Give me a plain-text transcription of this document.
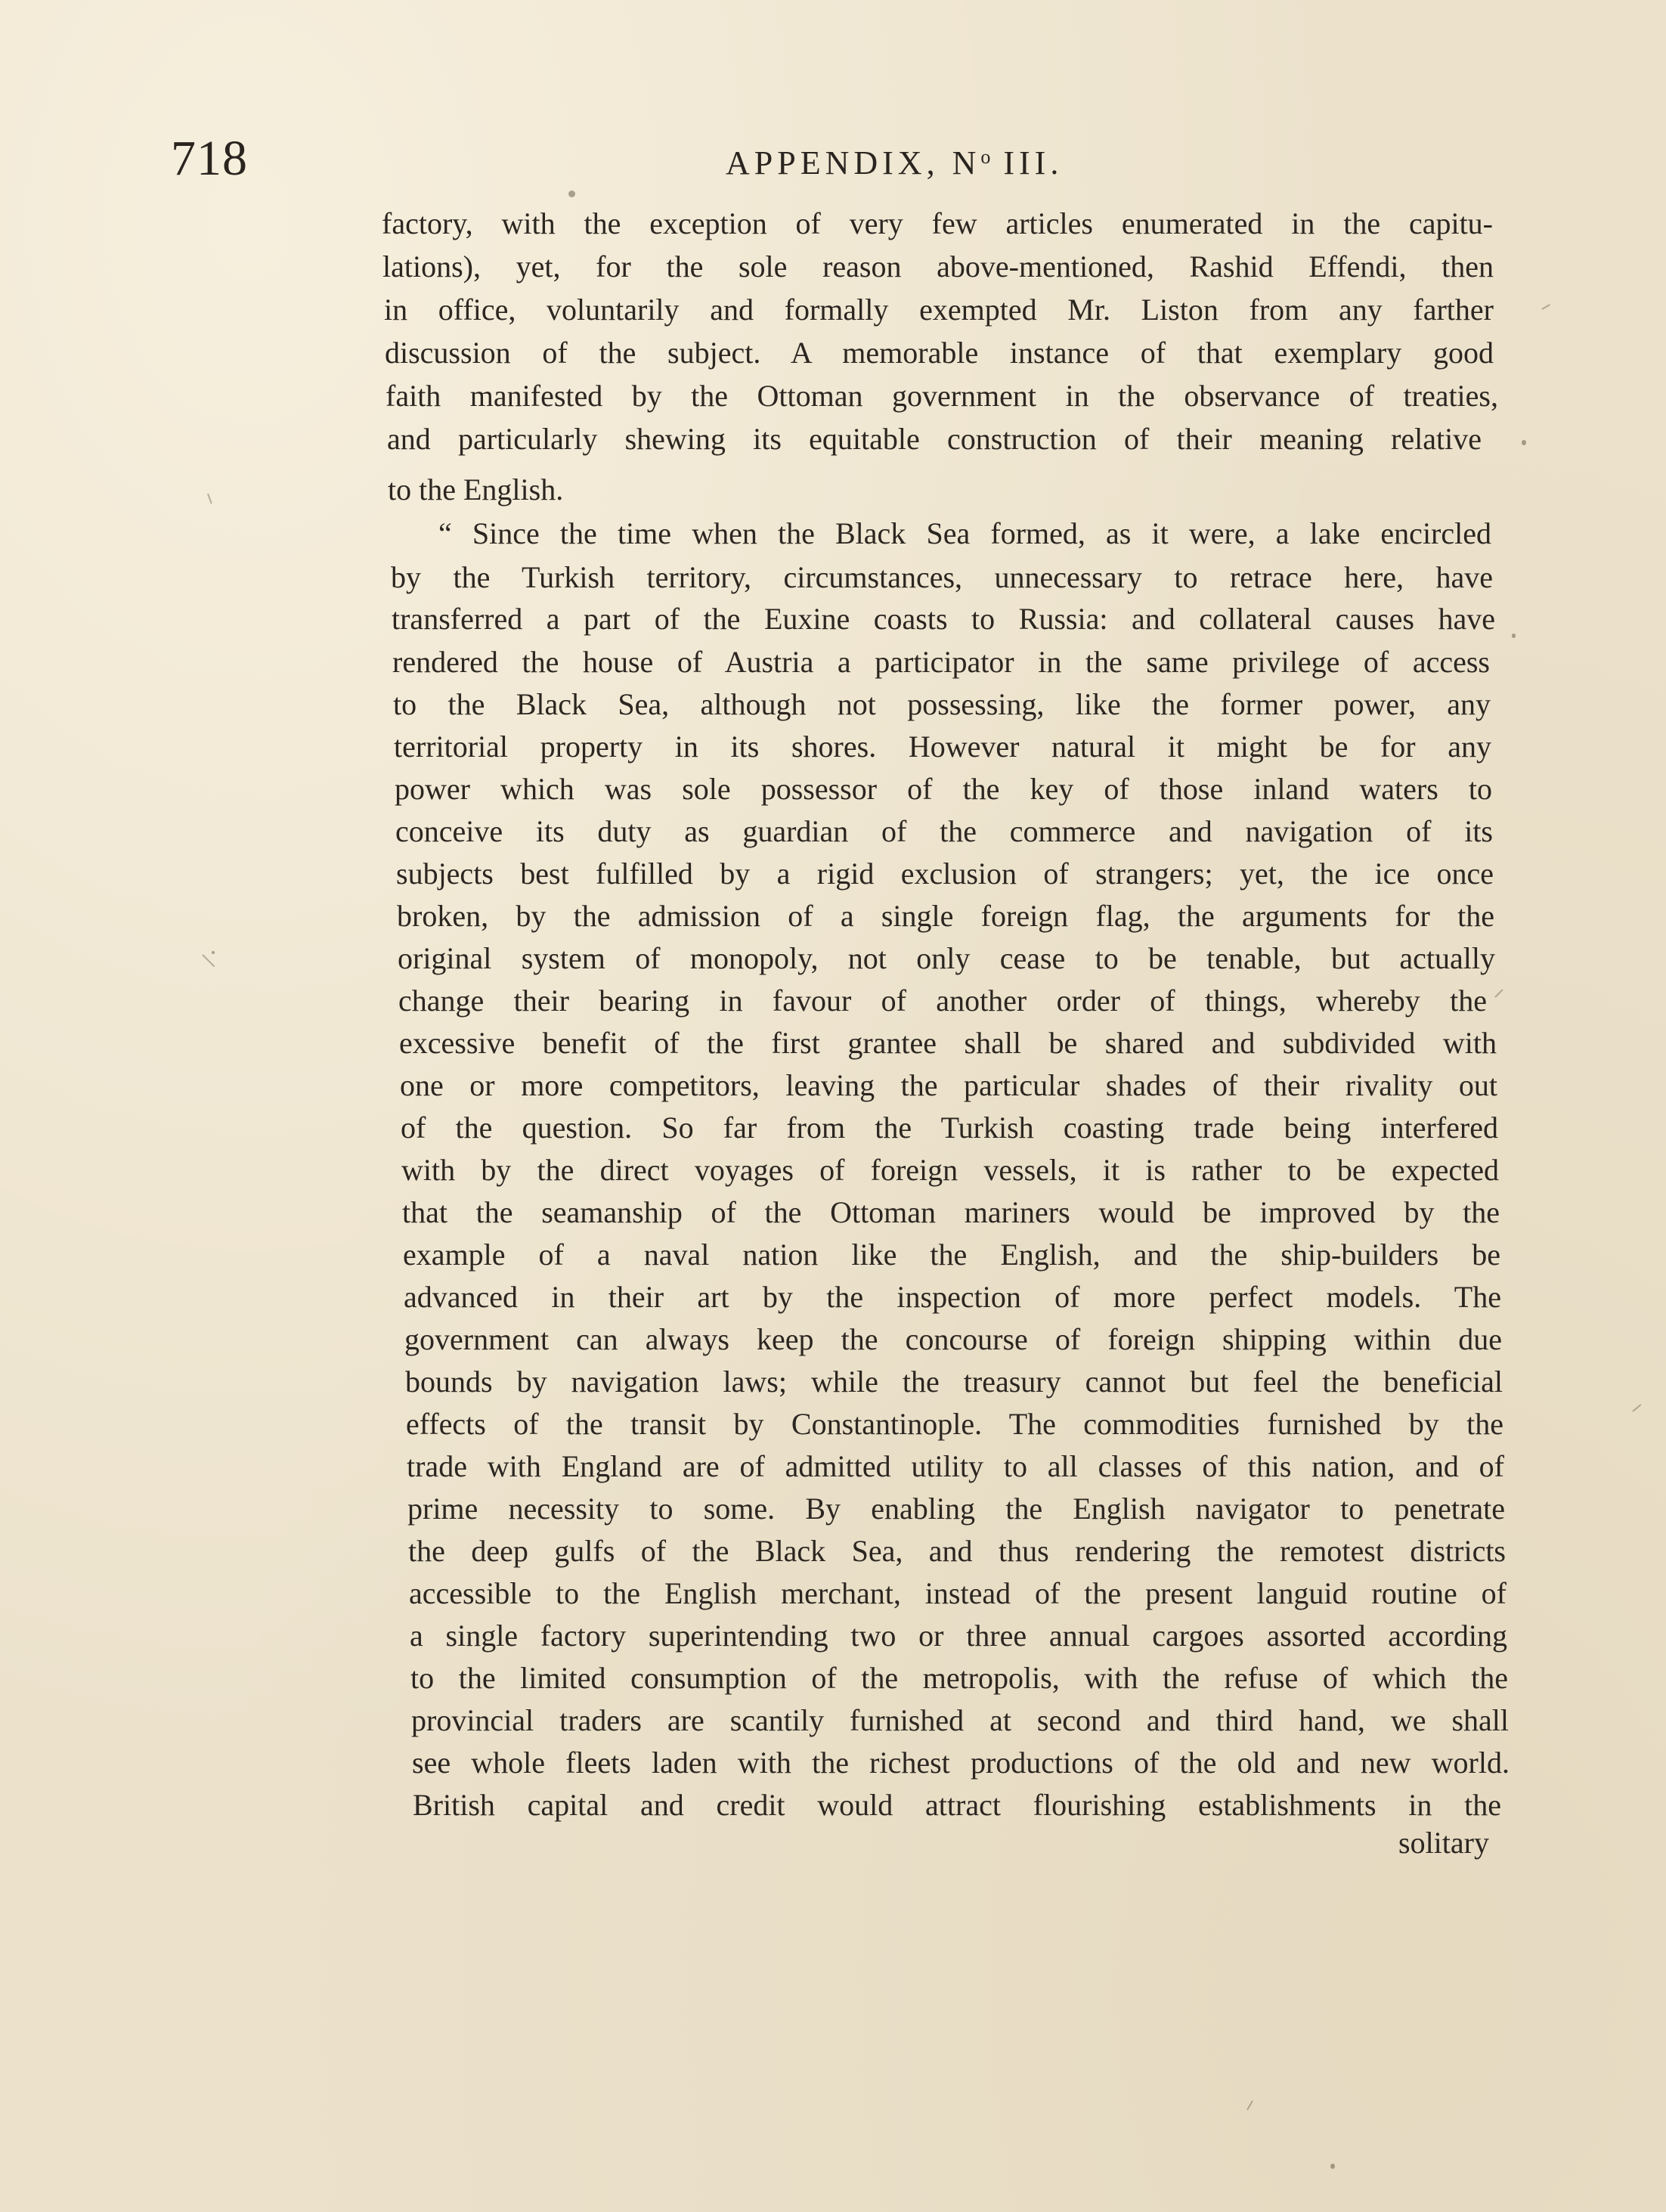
718	APPENDIX, $N^o$ III.
factory, with the exception of very few articles enumerated in the capitu-
lations), yet, for the sole reason above-mentioned, Rashid Effendi, then
in office, voluntarily and formally exempted Mr. Liston from any farther
discussion of the subject. A memorable instance of that exemplary good
faith manifested by the Ottoman government in the observance of treaties,
and particularly shewing its equitable construction of their meaning relative
to the English.
“ Since the time when the Black Sea formed, as it were, a lake encircled
by the Turkish territory, circumstances, unnecessary to retrace here, have
transferred a part of the Euxine coasts to Russia: and collateral causes have
rendered the house of Austria a participator in the same privilege of access
to the Black Sea, although not possessing, like the former power, any
territorial property in its shores. However natural it might be for any
power which was sole possessor of the key of those inland waters to
conceive its duty as guardian of the commerce and navigation of its
subjects best fulfilled by a rigid exclusion of strangers; yet, the ice once
broken, by the admission of a single foreign flag, the arguments for the
original system of monopoly, not only cease to be tenable, but actually
change their bearing in favour of another order of things, whereby the
excessive benefit of the first grantee shall be shared and subdivided with
one or more competitors, leaving the particular shades of their rivality out
of the question. So far from the Turkish coasting trade being interfered
with by the direct voyages of foreign vessels, it is rather to be expected
that the seamanship of the Ottoman mariners would be improved by the
example of a naval nation like the English, and the ship-builders be
advanced in their art by the inspection of more perfect models. The
government can always keep the concourse of foreign shipping within due
bounds by navigation laws; while the treasury cannot but feel the beneficial
effects of the transit by Constantinople. The commodities furnished by the
trade with England are of admitted utility to all classes of this nation, and of
prime necessity to some. By enabling the English navigator to penetrate
the deep gulfs of the Black Sea, and thus rendering the remotest districts
accessible to the English merchant, instead of the present languid routine of
a single factory superintending two or three annual cargoes assorted according
to the limited consumption of the metropolis, with the refuse of which the
provincial traders are scantily furnished at second and third hand, we shall
see whole fleets laden with the richest productions of the old and new world.
British capital and credit would attract flourishing establishments in the
solitary
